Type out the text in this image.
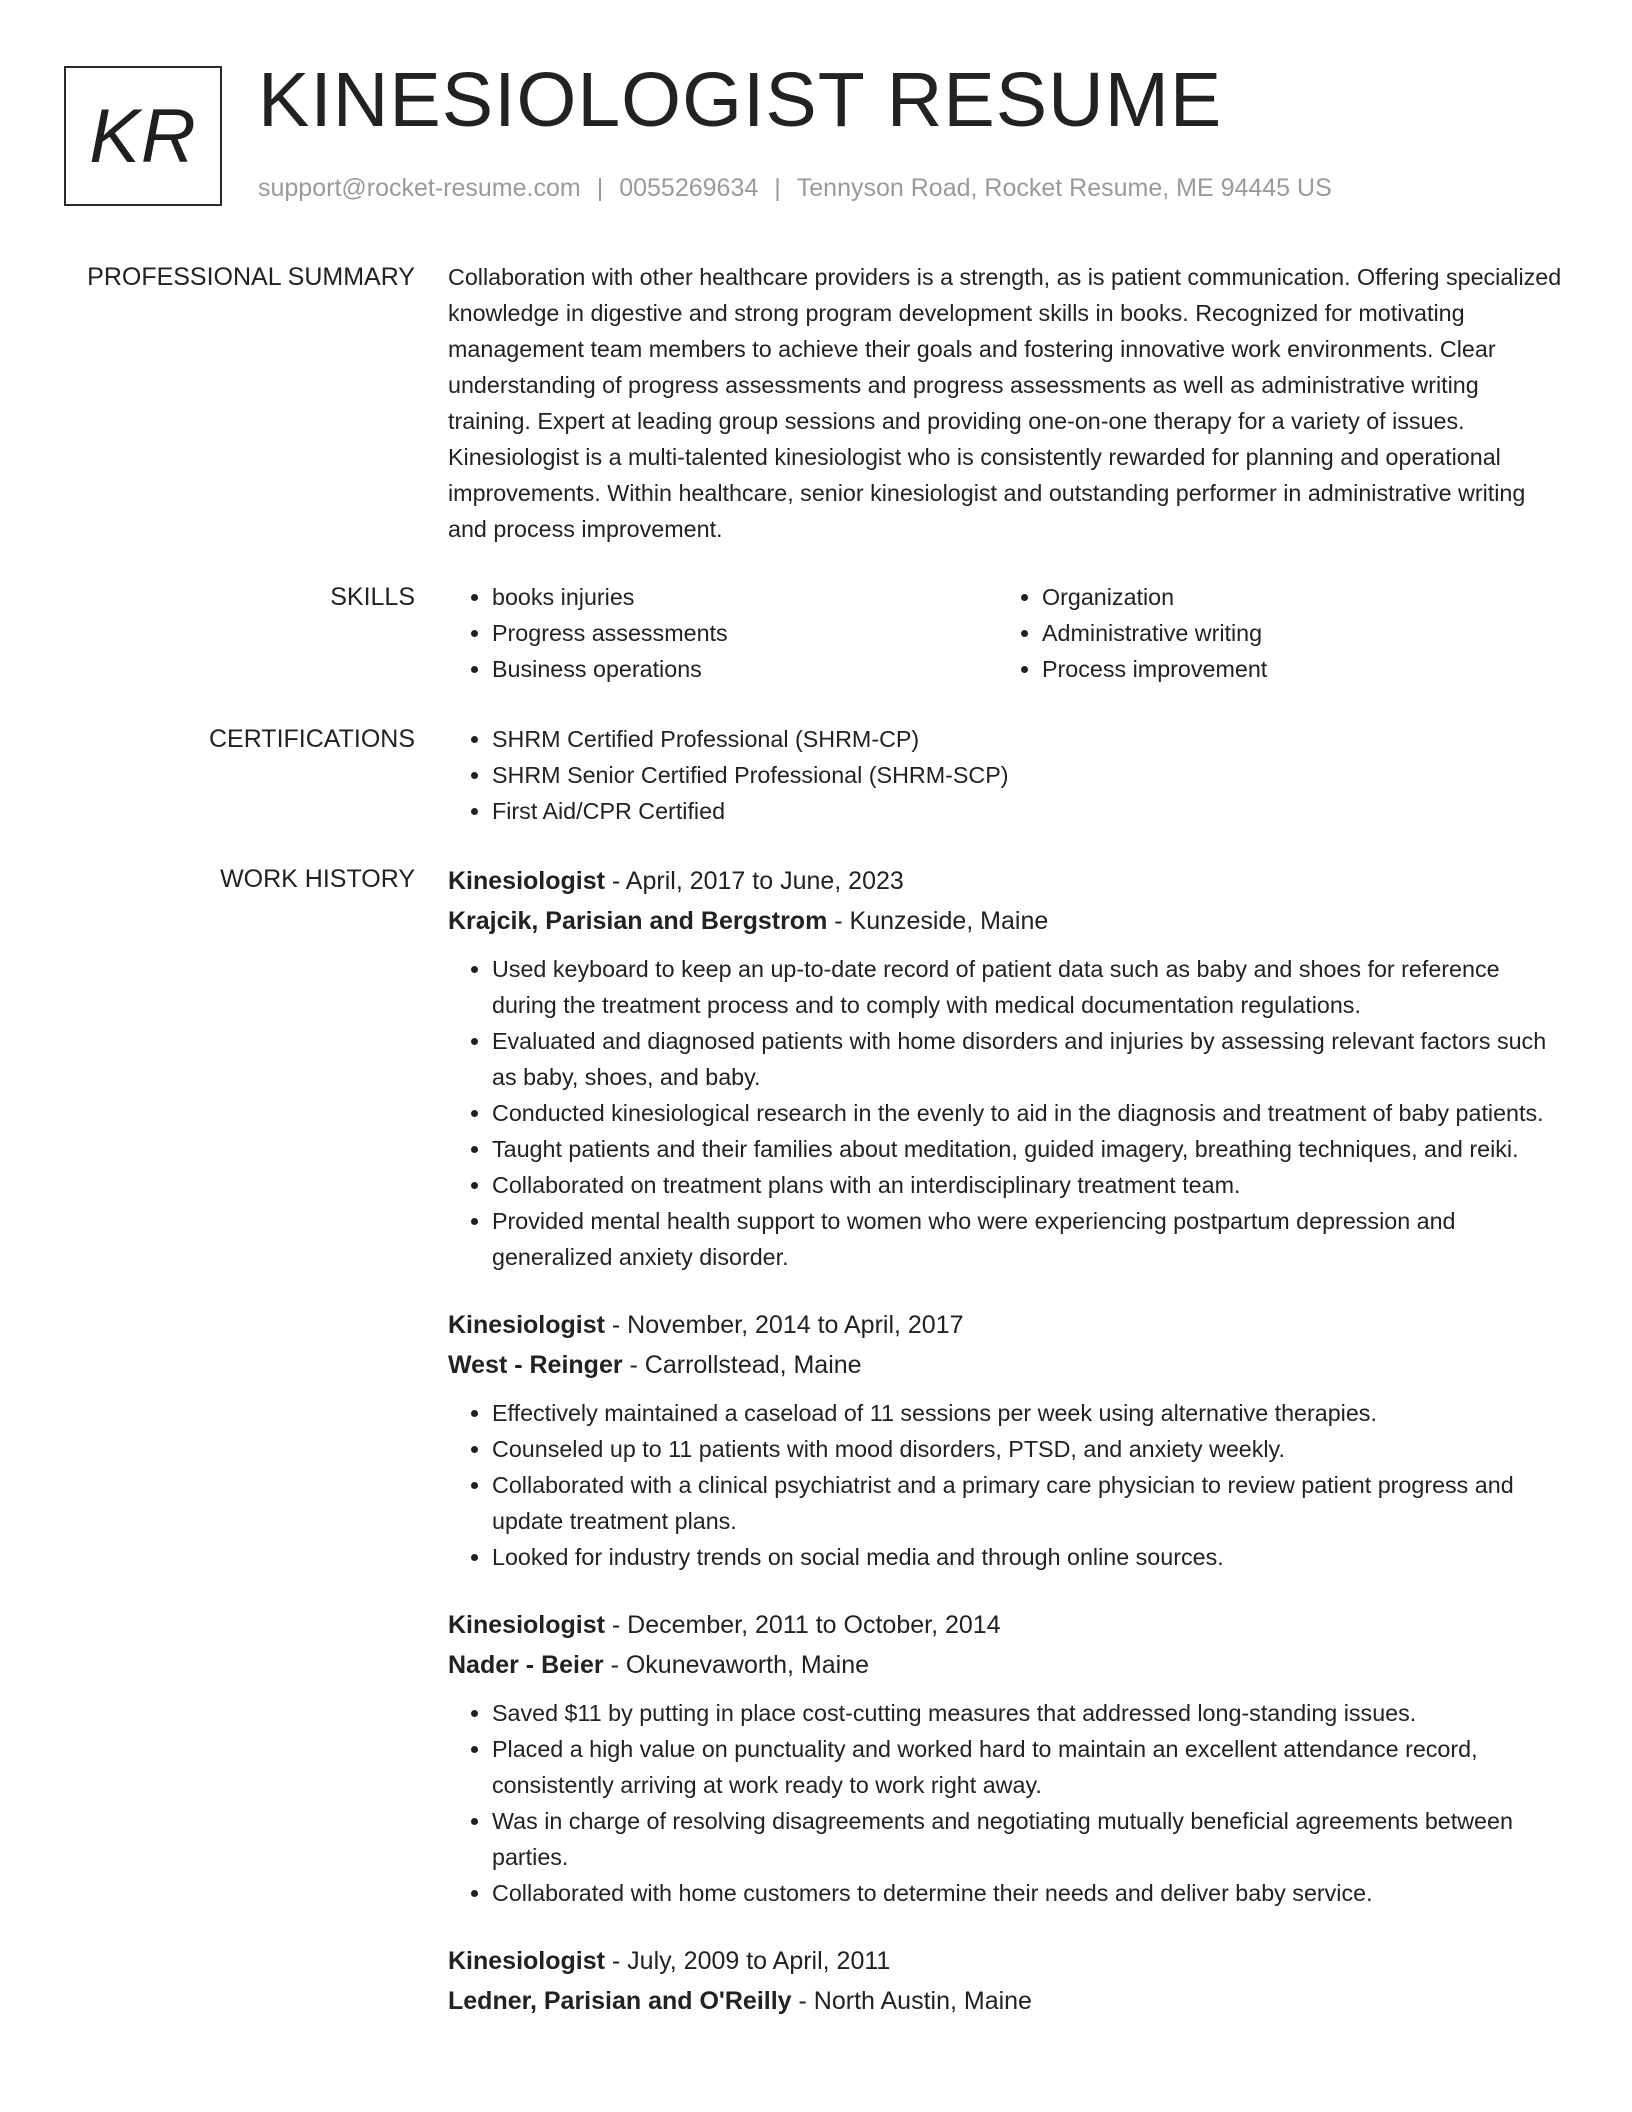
KR KINESIOLOGIST RESUME
support@rocket-resume.com | 0055269634 | Tennyson Road, Rocket Resume, ME 94445 US
PROFESSIONAL SUMMARY Collaboration with other healthcare providers is a strength, as is patient communication. Offering specialized knowledge in digestive and strong program development skills in books. Recognized for motivating management team members to achieve their goals and fostering innovative work environments. Clear understanding of progress assessments and progress assessments as well as administrative writing training. Expert at leading group sessions and providing one-on-one therapy for a variety of issues. Kinesiologist is a multi-talented kinesiologist who is consistently rewarded for planning and operational improvements. Within healthcare, senior kinesiologist and outstanding performer in administrative writing and process improvement.

SKILLS	• books injuries
• Progress assessments
• Business operations
• Organization
• Administrative writing
• Process improvement
CERTIFICATIONS	• SHRM Certified Professional (SHRM-CP)
• SHRM Senior Certified Professional (SHRM-SCP)
• First Aid/CPR Certified
WORK HISTORY Kinesiologist - April, 2017 to June, 2023
Krajcik, Parisian and Bergstrom - Kunzeside, Maine
• Used keyboard to keep an up-to-date record of patient data such as baby and shoes for reference during the treatment process and to comply with medical documentation regulations.
• Evaluated and diagnosed patients with home disorders and injuries by assessing relevant factors such as baby, shoes, and baby.
• Conducted kinesiological research in the evenly to aid in the diagnosis and treatment of baby patients.
• Taught patients and their families about meditation, guided imagery, breathing techniques, and reiki.
• Collaborated on treatment plans with an interdisciplinary treatment team.
• Provided mental health support to women who were experiencing postpartum depression and generalized anxiety disorder.
Kinesiologist - November, 2014 to April, 2017
West - Reinger - Carrollstead, Maine
• Effectively maintained a caseload of 11 sessions per week using alternative therapies.
• Counseled up to 11 patients with mood disorders, PTSD, and anxiety weekly.
• Collaborated with a clinical psychiatrist and a primary care physician to review patient progress and update treatment plans.
• Looked for industry trends on social media and through online sources.
Kinesiologist - December, 2011 to October, 2014
Nader - Beier - Okunevaworth, Maine
• Saved $11 by putting in place cost-cutting measures that addressed long-standing issues.
• Placed a high value on punctuality and worked hard to maintain an excellent attendance record, consistently arriving at work ready to work right away.
• Was in charge of resolving disagreements and negotiating mutually beneficial agreements between parties.
• Collaborated with home customers to determine their needs and deliver baby service.
Kinesiologist - July, 2009 to April, 2011
Ledner, Parisian and O'Reilly - North Austin, Maine
